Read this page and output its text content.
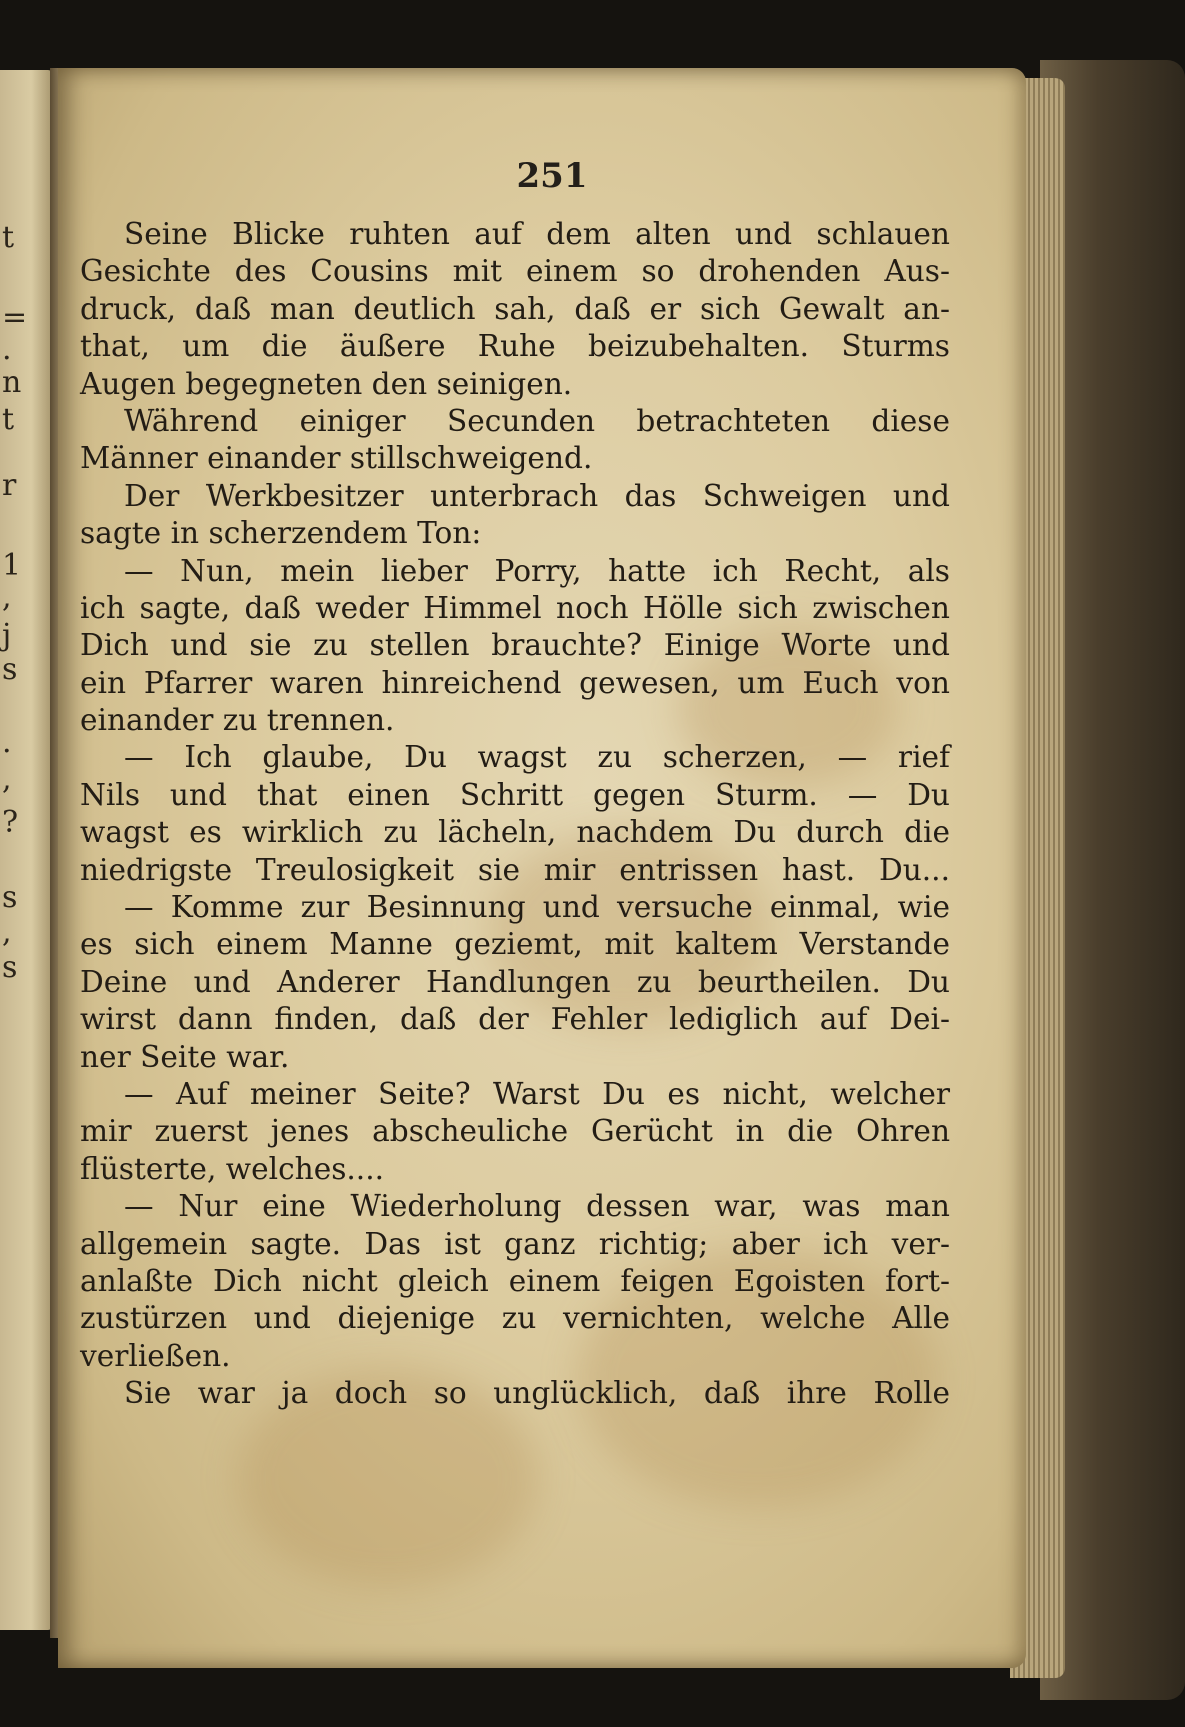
t
=
.
n
t
r
1
,
j
s
.
,
?
s
,
s
251
Seine Blicke ruhten auf dem alten und schlauen
Gesichte des Cousins mit einem so drohenden Aus-
druck, daß man deutlich sah, daß er sich Gewalt an-
that, um die äußere Ruhe beizubehalten. Sturms
Augen begegneten den seinigen.
Während einiger Secunden betrachteten diese
Männer einander stillschweigend.
Der Werkbesitzer unterbrach das Schweigen und
sagte in scherzendem Ton:
— Nun, mein lieber Porry, hatte ich Recht, als
ich sagte, daß weder Himmel noch Hölle sich zwischen
Dich und sie zu stellen brauchte? Einige Worte und
ein Pfarrer waren hinreichend gewesen, um Euch von
einander zu trennen.
— Ich glaube, Du wagst zu scherzen, — rief
Nils und that einen Schritt gegen Sturm. — Du
wagst es wirklich zu lächeln, nachdem Du durch die
niedrigste Treulosigkeit sie mir entrissen hast. Du...
— Komme zur Besinnung und versuche einmal, wie
es sich einem Manne geziemt, mit kaltem Verstande
Deine und Anderer Handlungen zu beurtheilen. Du
wirst dann finden, daß der Fehler lediglich auf Dei-
ner Seite war.
— Auf meiner Seite? Warst Du es nicht, welcher
mir zuerst jenes abscheuliche Gerücht in die Ohren
flüsterte, welches....
— Nur eine Wiederholung dessen war, was man
allgemein sagte. Das ist ganz richtig; aber ich ver-
anlaßte Dich nicht gleich einem feigen Egoisten fort-
zustürzen und diejenige zu vernichten, welche Alle
verließen.
Sie war ja doch so unglücklich, daß ihre Rolle
